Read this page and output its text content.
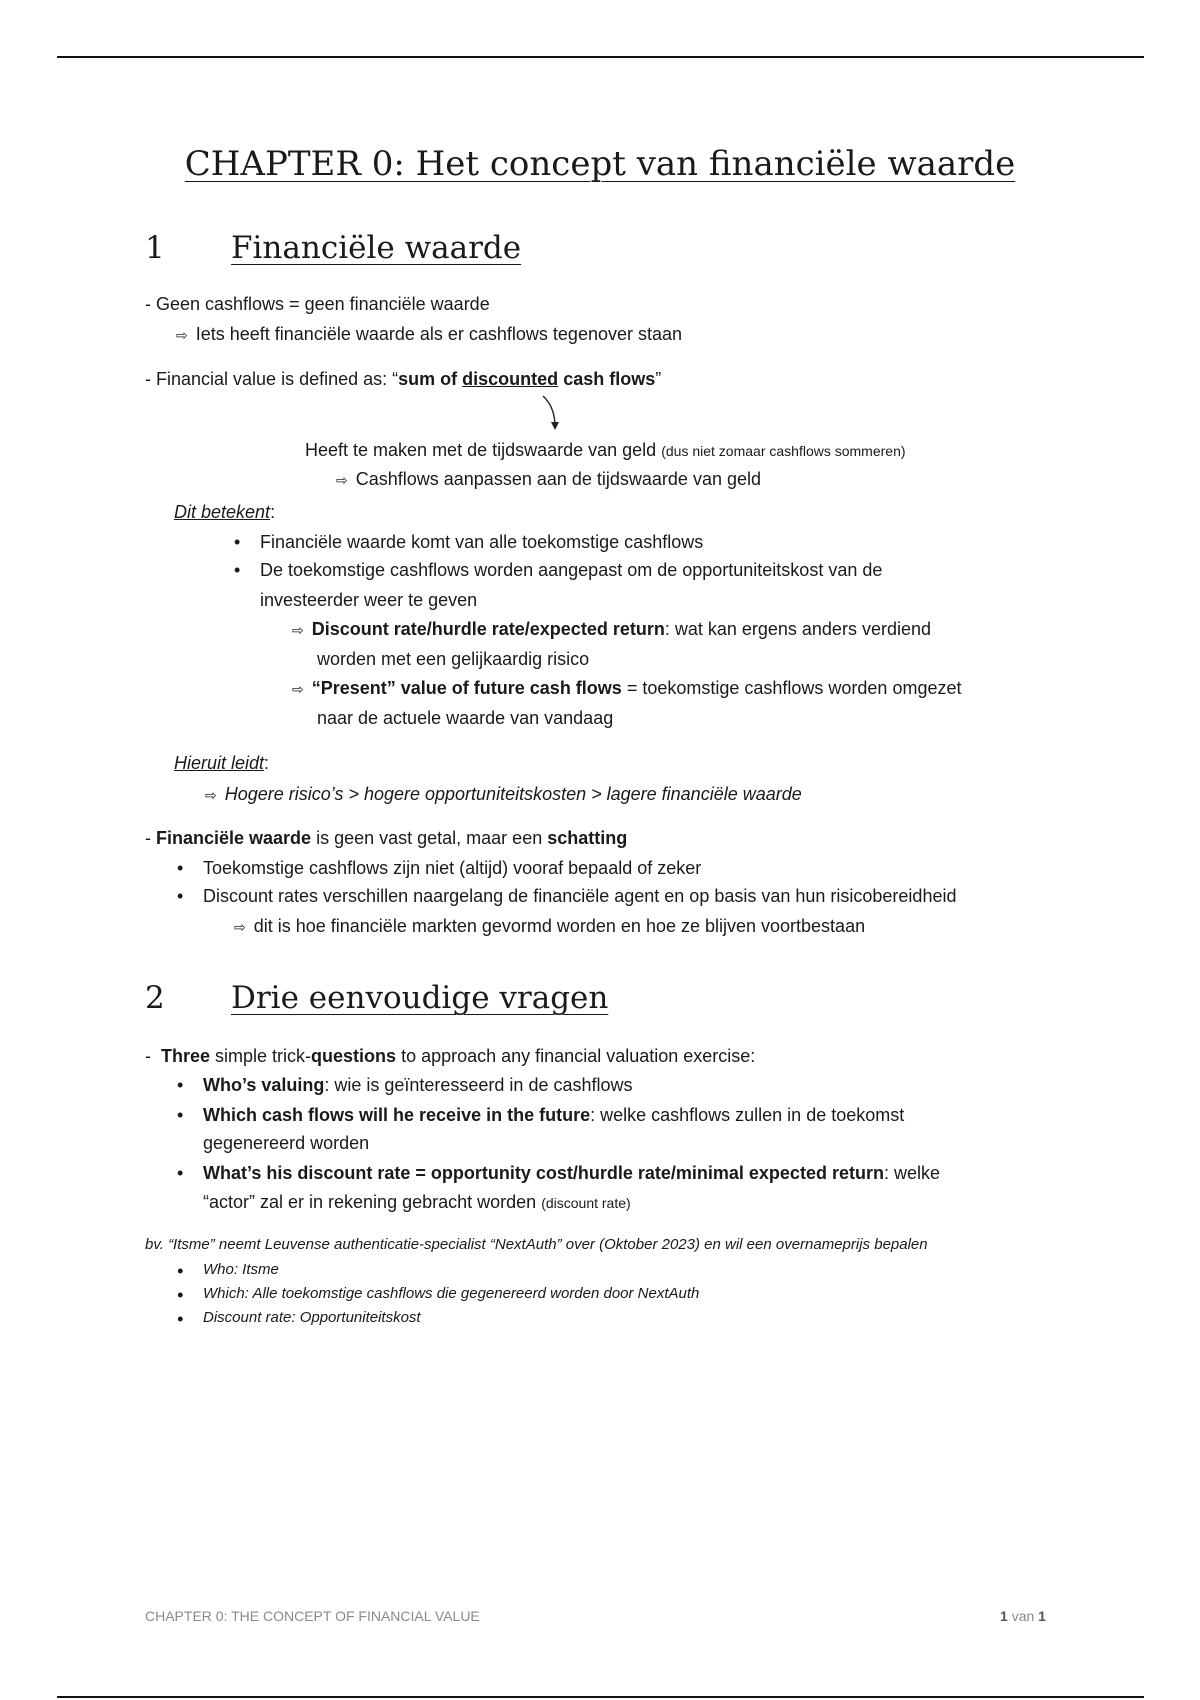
CHAPTER 0: Het concept van financiële waarde
1 Financiële waarde
- Geen cashflows = geen financiële waarde
⇨ Iets heeft financiële waarde als er cashflows tegenover staan
- Financial value is defined as: “sum of discounted cash flows”
Heeft te maken met de tijdswaarde van geld (dus niet zomaar cashflows sommeren)
⇨ Cashflows aanpassen aan de tijdswaarde van geld
Dit betekent:
• Financiële waarde komt van alle toekomstige cashflows
• De toekomstige cashflows worden aangepast om de opportuniteitskost van de
investeerder weer te geven
⇨ Discount rate/hurdle rate/expected return: wat kan ergens anders verdiend
worden met een gelijkaardig risico
⇨ “Present” value of future cash flows = toekomstige cashflows worden omgezet
naar de actuele waarde van vandaag
Hieruit leidt:
⇨ Hogere risico’s > hogere opportuniteitskosten > lagere financiële waarde
- Financiële waarde is geen vast getal, maar een schatting
• Toekomstige cashflows zijn niet (altijd) vooraf bepaald of zeker
• Discount rates verschillen naargelang de financiële agent en op basis van hun risicobereidheid
⇨ dit is hoe financiële markten gevormd worden en hoe ze blijven voortbestaan
2 Drie eenvoudige vragen
-  Three simple trick-questions to approach any financial valuation exercise:
• Who’s valuing: wie is geïnteresseerd in de cashflows
• Which cash flows will he receive in the future: welke cashflows zullen in de toekomst
gegenereerd worden
• What’s his discount rate = opportunity cost/hurdle rate/minimal expected return: welke
“actor” zal er in rekening gebracht worden (discount rate)
bv. “Itsme” neemt Leuvense authenticatie-specialist “NextAuth” over (Oktober 2023) en wil een overnameprijs bepalen
• Who: Itsme
• Which: Alle toekomstige cashflows die gegenereerd worden door NextAuth
• Discount rate: Opportuniteitskost
CHAPTER 0: THE CONCEPT OF FINANCIAL VALUE	1 van 1
